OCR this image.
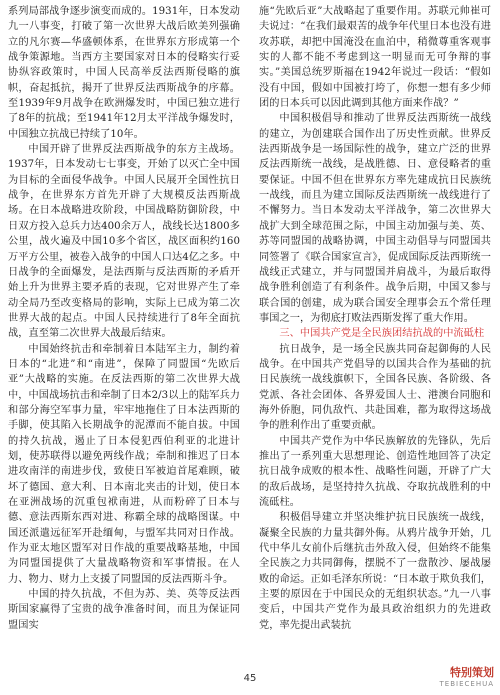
系列局部战争逐步演变而成的。1931年，日本发动九一八事变，打破了第一次世界大战后欧美列强确立的凡尔赛—华盛顿体系，在世界东方形成第一个战争策源地。当西方主要国家对日本的侵略实行妥协纵容政策时，中国人民高举反法西斯侵略的旗帜，奋起抵抗，揭开了世界反法西斯战争的序幕。至1939年9月战争在欧洲爆发时，中国已独立进行了8年的抗战；至1941年12月太平洋战争爆发时，中国独立抗战已持续了10年。

中国开辟了世界反法西斯战争的东方主战场。1937年，日本发动七七事变，开始了以灭亡全中国为目标的全面侵华战争。中国人民展开全国性抗日战争，在世界东方首先开辟了大规模反法西斯战场。在日本战略进攻阶段，中国战略防御阶段，中日双方投入总兵力达400余万人，战线长达1800多公里，战火遍及中国10多个省区，战区面积约160万平方公里，被卷入战争的中国人口达4亿之多。中日战争的全面爆发，是法西斯与反法西斯的矛盾开始上升为世界主要矛盾的表现，它对世界产生了牵动全局乃至改变格局的影响，实际上已成为第二次世界大战的起点。中国人民持续进行了8年全面抗战，直至第二次世界大战最后结束。

中国始终抗击和牵制着日本陆军主力，制约着日本的“北进”和“南进”，保障了同盟国“先欧后亚”大战略的实施。在反法西斯的第二次世界大战中，中国战场抗击和牵制了日本2/3以上的陆军兵力和部分海空军事力量，牢牢地拖住了日本法西斯的手脚，使其陷入长期战争的泥潭而不能自拔。中国的持久抗战，遏止了日本侵犯西伯利亚的北进计划，使苏联得以避免两线作战；牵制和推迟了日本进攻南洋的南进步伐，致使日军被迫首尾难顾，破坏了德国、意大利、日本南北夹击的计划，使日本在亚洲战场的沉重包袱南进，从而粉碎了日本与德、意法西斯东西对进、称霸全球的战略图谋。中国还派遣远征军开赴缅甸，与盟军共同对日作战。作为亚太地区盟军对日作战的重要战略基地，中国为同盟国提供了大量战略物资和军事情报。在人力、物力、财力上支援了同盟国的反法西斯斗争。

中国的持久抗战，不但为苏、美、英等反法西斯国家赢得了宝贵的战争准备时间，而且为保证同盟国实

施“先欧后亚”大战略起了重要作用。苏联元帅崔可夫说过：“在我们最艰苦的战争年代里日本也没有进攻苏联，却把中国淹没在血泊中，稍微尊重客观事实的人都不能不考虑到这一明显而无可争辩的事实。”美国总统罗斯福在1942年说过一段话：“假如没有中国，假如中国被打垮了，你想一想有多少师团的日本兵可以因此调到其他方面来作战？”

中国积极倡导和推动了世界反法西斯统一战线的建立，为创建联合国作出了历史性贡献。世界反法西斯战争是一场国际性的战争，建立广泛的世界反法西斯统一战线，是战胜德、日、意侵略者的重要保证。中国不但在世界东方率先建成抗日民族统一战线，而且为建立国际反法西斯统一战线进行了不懈努力。当日本发动太平洋战争，第二次世界大战扩大到全球范围之际，中国主动加强与美、英、苏等同盟国的战略协调，中国主动倡导与同盟国共同签署了《联合国家宣言》，促成国际反法西斯统一战线正式建立，并与同盟国并肩战斗，为最后取得战争胜利创造了有利条件。战争后期，中国又参与联合国的创建，成为联合国安全理事会五个常任理事国之一，为彻底打败法西斯发挥了重大作用。

三、中国共产党是全民族团结抗战的中流砥柱

抗日战争，是一场全民族共同奋起御侮的人民战争。在中国共产党倡导的以国共合作为基础的抗日民族统一战线旗帜下，全国各民族、各阶级、各党派、各社会团体、各界爱国人士、港澳台同胞和海外侨胞，同仇敌忾、共赴国难，都为取得这场战争的胜利作出了重要贡献。

中国共产党作为中华民族解放的先锋队，先后推出了一系列重大思想理论、创造性地回答了决定抗日战争成败的根本性、战略性问题，开辟了广大的敌后战场，是坚持持久抗战、夺取抗战胜利的中流砥柱。

积极倡导建立并坚决维护抗日民族统一战线，凝聚全民族的力量共御外侮。从鸦片战争开始，几代中华儿女前仆后继抗击外敌入侵，但始终不能集全民族之力共同御侮，摆脱不了一盘散沙、屡战屡败的命运。正如毛泽东所说：“日本敢于欺负我们，主要的原因在于中国民众的无组织状态。”九一八事变后，中国共产党作为最具政治组织力的先进政党，率先提出武装抗

45	特别策划
TEBIECEHUA
